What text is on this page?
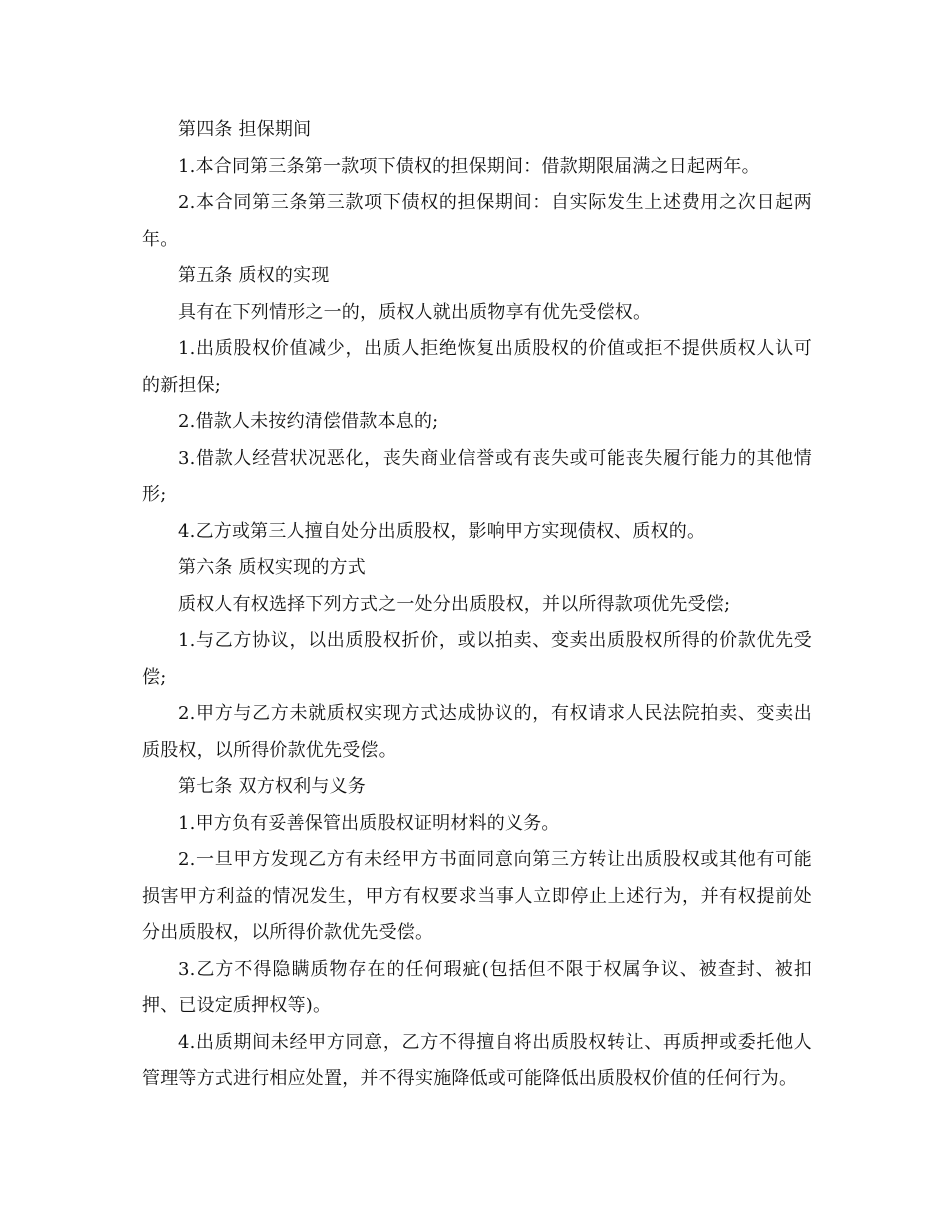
第四条 担保期间

1.本合同第三条第一款项下债权的担保期间：借款期限届满之日起两年。

2.本合同第三条第三款项下债权的担保期间：自实际发生上述费用之次日起两年。

第五条 质权的实现

具有在下列情形之一的，质权人就出质物享有优先受偿权。

1.出质股权价值减少，出质人拒绝恢复出质股权的价值或拒不提供质权人认可的新担保;

2.借款人未按约清偿借款本息的;

3.借款人经营状况恶化，丧失商业信誉或有丧失或可能丧失履行能力的其他情形;

4.乙方或第三人擅自处分出质股权，影响甲方实现债权、质权的。

第六条 质权实现的方式

质权人有权选择下列方式之一处分出质股权，并以所得款项优先受偿;

1.与乙方协议，以出质股权折价，或以拍卖、变卖出质股权所得的价款优先受偿;

2.甲方与乙方未就质权实现方式达成协议的，有权请求人民法院拍卖、变卖出质股权，以所得价款优先受偿。

第七条 双方权利与义务

1.甲方负有妥善保管出质股权证明材料的义务。

2.一旦甲方发现乙方有未经甲方书面同意向第三方转让出质股权或其他有可能损害甲方利益的情况发生，甲方有权要求当事人立即停止上述行为，并有权提前处分出质股权，以所得价款优先受偿。

3.乙方不得隐瞒质物存在的任何瑕疵(包括但不限于权属争议、被查封、被扣押、已设定质押权等)。

4.出质期间未经甲方同意，乙方不得擅自将出质股权转让、再质押或委托他人管理等方式进行相应处置，并不得实施降低或可能降低出质股权价值的任何行为。
